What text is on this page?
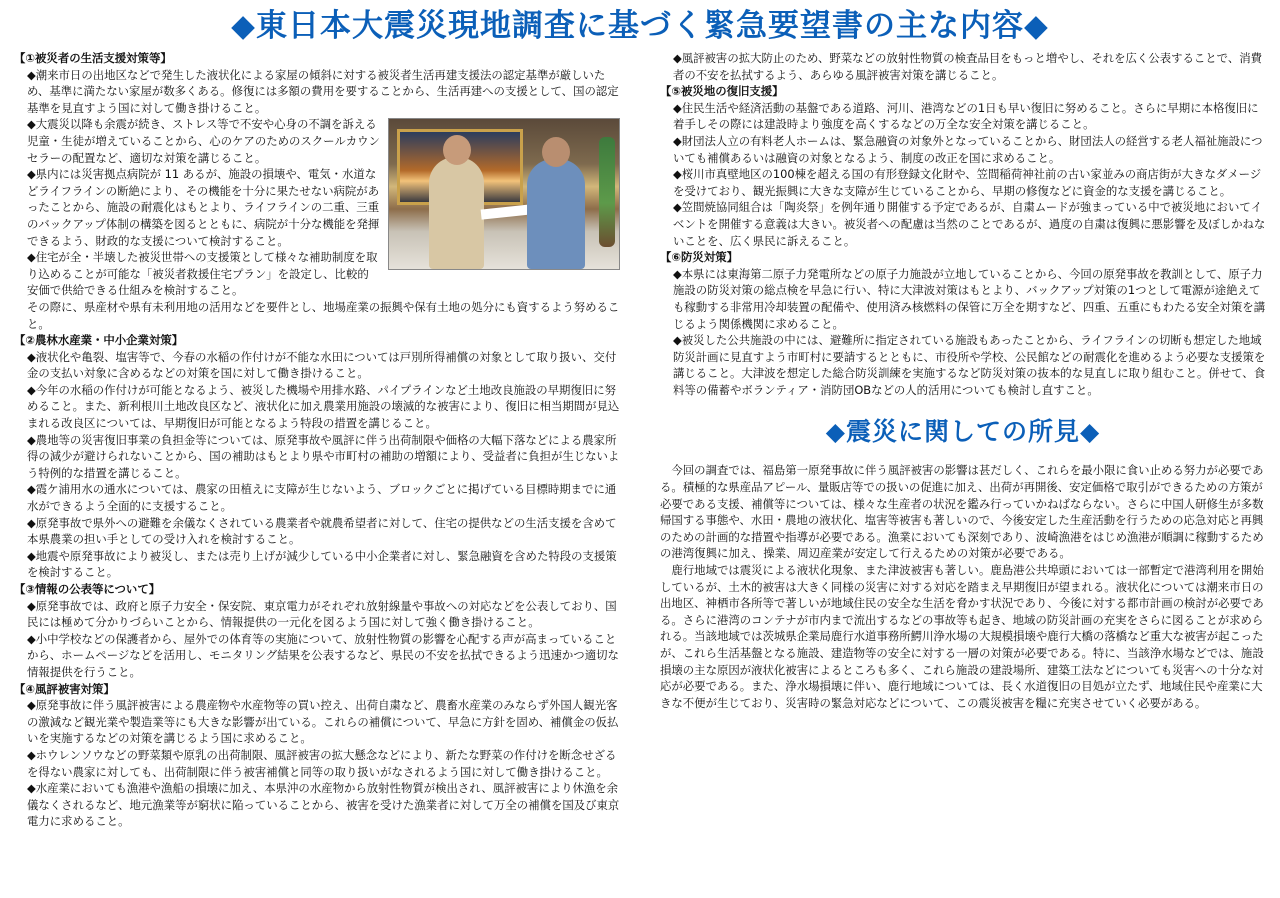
◆東日本大震災現地調査に基づく緊急要望書の主な内容◆

【①被災者の生活支援対策等】

◆潮来市日の出地区などで発生した液状化による家屋の傾斜に対する被災者生活再建支援法の認定基準が厳しいため、基準に満たない家屋が数多くある。修復には多額の費用を要することから、生活再建への支援として、国の認定基準を見直すよう国に対して働き掛けること。

◆大震災以降も余震が続き、ストレス等で不安や心身の不調を訴える児童・生徒が増えていることから、心のケアのためのスクールカウンセラーの配置など、適切な対策を講じること。

◆県内には災害拠点病院が 11 あるが、施設の損壊や、電気・水道などライフラインの断絶により、その機能を十分に果たせない病院があったことから、施設の耐震化はもとより、ライフラインの二重、三重のバックアップ体制の構築を図るとともに、病院が十分な機能を発揮できるよう、財政的な支援について検討すること。

◆住宅が全・半壊した被災世帯への支援策として様々な補助制度を取り込めることが可能な「被災者救援住宅プラン」を設定し、比較的安価で供給できる仕組みを検討すること。

その際に、県産材や県有未利用地の活用などを要件とし、地場産業の振興や保有土地の処分にも資するよう努めること。

【②農林水産業・中小企業対策】

◆液状化や亀裂、塩害等で、今春の水稲の作付けが不能な水田については戸別所得補償の対象として取り扱い、交付金の支払い対象に含めるなどの対策を国に対して働き掛けること。

◆今年の水稲の作付けが可能となるよう、被災した機場や用排水路、パイプラインなど土地改良施設の早期復旧に努めること。また、新利根川土地改良区など、液状化に加え農業用施設の壊滅的な被害により、復旧に相当期間が見込まれる改良区については、早期復旧が可能となるよう特段の措置を講じること。

◆農地等の災害復旧事業の負担金等については、原発事故や風評に伴う出荷制限や価格の大幅下落などによる農家所得の減少が避けられないことから、国の補助はもとより県や市町村の補助の増額により、受益者に負担が生じないよう特例的な措置を講じること。

◆霞ケ浦用水の通水については、農家の田植えに支障が生じないよう、ブロックごとに掲げている目標時期までに通水ができるよう全面的に支援すること。

◆原発事故で県外への避難を余儀なくされている農業者や就農希望者に対して、住宅の提供などの生活支援を含めて本県農業の担い手としての受け入れを検討すること。

◆地震や原発事故により被災し、または売り上げが減少している中小企業者に対し、緊急融資を含めた特段の支援策を検討すること。

【③情報の公表等について】

◆原発事故では、政府と原子力安全・保安院、東京電力がそれぞれ放射線量や事故への対応などを公表しており、国民には極めて分かりづらいことから、情報提供の一元化を図るよう国に対して強く働き掛けること。

◆小中学校などの保護者から、屋外での体育等の実施について、放射性物質の影響を心配する声が高まっていることから、ホームページなどを活用し、モニタリング結果を公表するなど、県民の不安を払拭できるよう迅速かつ適切な情報提供を行うこと。

【④風評被害対策】

◆原発事故に伴う風評被害による農産物や水産物等の買い控え、出荷自粛など、農畜水産業のみならず外国人観光客の激減など観光業や製造業等にも大きな影響が出ている。これらの補償について、早急に方針を固め、補償金の仮払いを実施するなどの対策を講じるよう国に求めること。

◆ホウレンソウなどの野菜類や原乳の出荷制限、風評被害の拡大懸念などにより、新たな野菜の作付けを断念せざるを得ない農家に対しても、出荷制限に伴う被害補償と同等の取り扱いがなされるよう国に対して働き掛けること。

◆水産業においても漁港や漁船の損壊に加え、本県沖の水産物から放射性物質が検出され、風評被害により休漁を余儀なくされるなど、地元漁業等が窮状に陥っていることから、被害を受けた漁業者に対して万全の補償を国及び東京電力に求めること。

◆風評被害の拡大防止のため、野菜などの放射性物質の検査品目をもっと増やし、それを広く公表することで、消費者の不安を払拭するよう、あらゆる風評被害対策を講じること。

【⑤被災地の復旧支援】

◆住民生活や経済活動の基盤である道路、河川、港湾などの1日も早い復旧に努めること。さらに早期に本格復旧に着手しその際には建設時より強度を高くするなどの万全な安全対策を講じること。

◆財団法人立の有料老人ホームは、緊急融資の対象外となっていることから、財団法人の経営する老人福祉施設についても補償あるいは融資の対象となるよう、制度の改正を国に求めること。

◆桜川市真壁地区の100棟を超える国の有形登録文化財や、笠間稲荷神社前の古い家並みの商店街が大きなダメージを受けており、観光振興に大きな支障が生じていることから、早期の修復などに資金的な支援を講じること。

◆笠間焼協同組合は「陶炎祭」を例年通り開催する予定であるが、自粛ムードが強まっている中で被災地においてイベントを開催する意義は大きい。被災者への配慮は当然のことであるが、過度の自粛は復興に悪影響を及ぼしかねないことを、広く県民に訴えること。

【⑥防災対策】

◆本県には東海第二原子力発電所などの原子力施設が立地していることから、今回の原発事故を教訓として、原子力施設の防災対策の総点検を早急に行い、特に大津波対策はもとより、バックアップ対策の1つとして電源が途絶えても稼動する非常用冷却装置の配備や、使用済み核燃料の保管に万全を期すなど、四重、五重にもわたる安全対策を講じるよう関係機関に求めること。

◆被災した公共施設の中には、避難所に指定されている施設もあったことから、ライフラインの切断も想定した地域防災計画に見直すよう市町村に要請するとともに、市役所や学校、公民館などの耐震化を進めるよう必要な支援策を講じること。大津波を想定した総合防災訓練を実施するなど防災対策の抜本的な見直しに取り組むこと。併せて、食料等の備蓄やボランティア・消防団OBなどの人的活用についても検討し直すこと。

◆震災に関しての所見◆

今回の調査では、福島第一原発事故に伴う風評被害の影響は甚だしく、これらを最小限に食い止める努力が必要である。積極的な県産品アピール、量販店等での扱いの促進に加え、出荷が再開後、安定価格で取引ができるための方策が必要である支援、補償等については、様々な生産者の状況を鑑み行っていかねばならない。さらに中国人研修生が多数帰国する事態や、水田・農地の液状化、塩害等被害も著しいので、今後安定した生産活動を行うための応急対応と再興のための計画的な措置や指導が必要である。漁業においても深刻であり、波崎漁港をはじめ漁港が順調に稼動するための港湾復興に加え、操業、周辺産業が安定して行えるための対策が必要である。

鹿行地域では震災による液状化現象、また津波被害も著しい。鹿島港公共埠頭においては一部暫定で港湾利用を開始しているが、土木的被害は大きく同様の災害に対する対応を踏まえ早期復旧が望まれる。液状化については潮来市日の出地区、神栖市各所等で著しいが地域住民の安全な生活を脅かす状況であり、今後に対する都市計画の検討が必要である。さらに港湾のコンテナが市内まで流出するなどの事故等も起き、地域の防災計画の充実をさらに図ることが求められる。当該地域では茨城県企業局鹿行水道事務所鰐川浄水場の大規模損壊や鹿行大橋の落橋など重大な被害が起こったが、これら生活基盤となる施設、建造物等の安全に対する一層の対策が必要である。特に、当該浄水場などでは、施設損壊の主な原因が液状化被害によるところも多く、これら施設の建設場所、建築工法などについても災害への十分な対応が必要である。また、浄水場損壊に伴い、鹿行地域については、長く水道復旧の目処が立たず、地域住民や産業に大きな不便が生じており、災害時の緊急対応などについて、この震災被害を糧に充実させていく必要がある。
